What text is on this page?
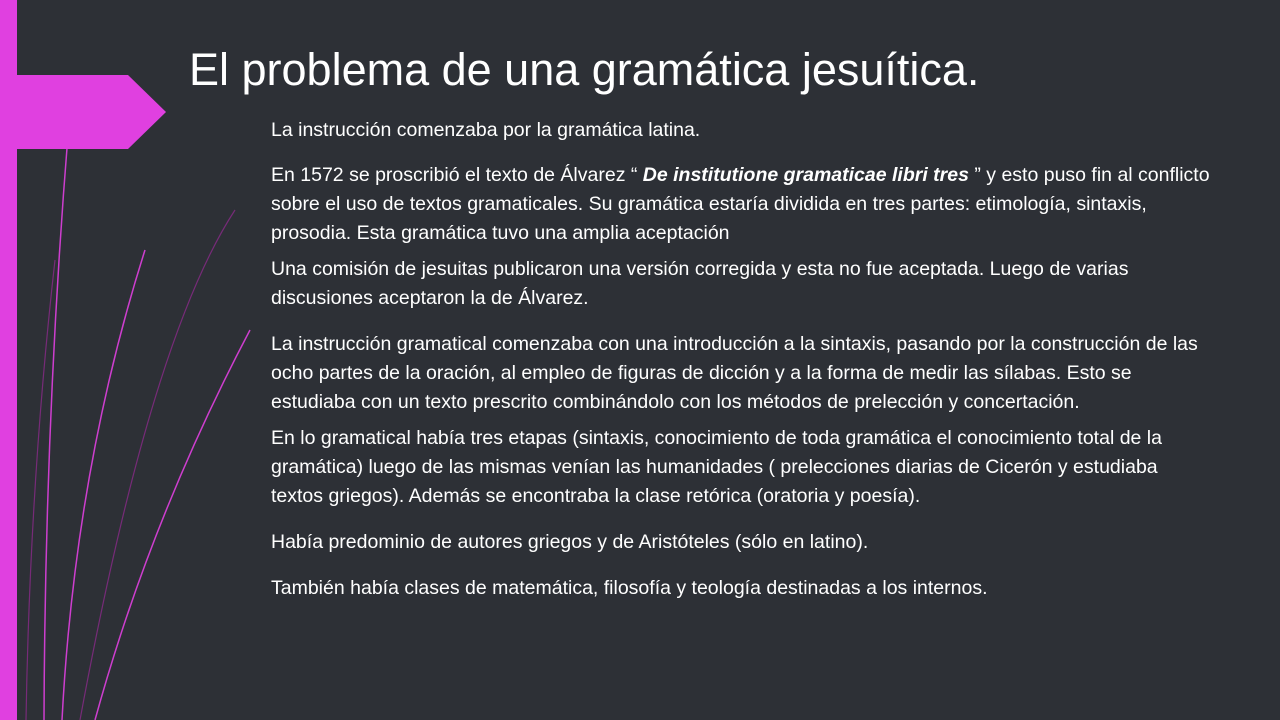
El problema de una gramática jesuítica.

La instrucción comenzaba por la gramática latina.

En 1572 se proscribió el texto de Álvarez “ De institutione gramaticae libri tres ” y esto puso fin al conflicto sobre el uso de textos gramaticales. Su gramática estaría dividida en tres partes: etimología, sintaxis, prosodia. Esta gramática tuvo una amplia aceptación

Una comisión de jesuitas publicaron una versión corregida y esta no fue aceptada. Luego de varias discusiones aceptaron la de Álvarez.

La instrucción gramatical comenzaba con una introducción a la sintaxis, pasando por la construcción de las ocho partes de la oración, al empleo de figuras de dicción y a la forma de medir las sílabas. Esto se estudiaba con un texto prescrito combinándolo con los métodos de prelección y concertación.

En lo gramatical había tres etapas (sintaxis, conocimiento de toda gramática el conocimiento total de la gramática) luego de las mismas venían las humanidades ( prelecciones diarias de Cicerón y estudiaba textos griegos). Además se encontraba la clase retórica (oratoria y poesía).

Había predominio de autores griegos y de Aristóteles (sólo en latino).

También había clases de matemática, filosofía y teología destinadas a los internos.
